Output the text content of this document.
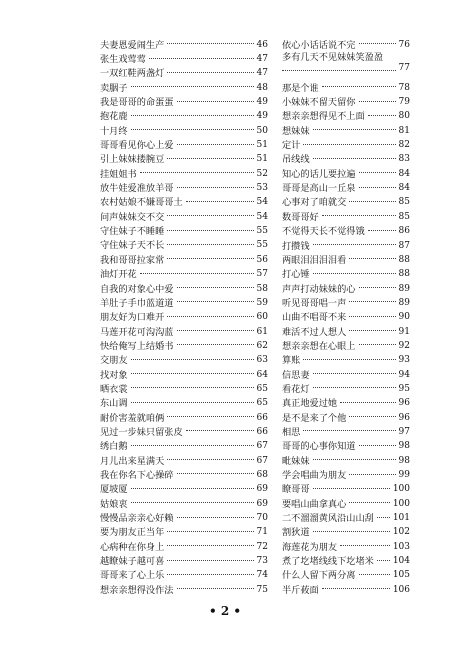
夫妻恩爱闹生产	46
张生戏莺莺	47
一双红鞋两盏灯	47
卖胭子	48
我是哥哥的命蛋蛋	49
抱花鹿	49
十月终	50
哥哥看见你心上爱	51
引上妹妹搂腕豆	51
挂姐姐书	52
放牛娃爱准放羊哥	53
农村姑娘不嫌哥哥土	54
问声妹妹交不交	54
守住妹子不睡睡	55
守住妹子天不长	55
我和哥哥拉家常	56
油灯开花	57
自我的对象心中爱	58
羊肚子手巾蓝道道	59
朋友好为口难开	60
马莲开花可沟沟蓝	61
快给俺写上结婚书	62
交朋友	63
找对象	64
晒衣裳	65
东山调	65
耐价害羞就咱俩	66
见过一步妹只留张皮	66
绣白鹅	67
月儿出来星满天	67
我在你名下心操碎	68
厦坡厦	69
姑娘衷	69
慢慢品亲亲心好赖	70
要为朋友正当年	71
心病种在你身上	72
越瞭妹子越可喜	73
哥哥来了心上乐	74
想亲亲想得没作法	75
依心小话话说不完	76
多有几天不见妹妹笑盈盈
77
那是个谁	78
小妹妹不留天留你	79
想亲亲想得见不上面	80
想妹妹	81
定计	82
吊线线	83
知心的话儿要拉遍	84
哥哥是高山一丘泉	84
心事对了咱就交	85
数哥哥好	85
不觉得天长不觉得饿	86
打攒钱	87
两眼泪泪泪泪看	88
打心锤	88
声声打动妹妹的心	89
听见哥哥唱一声	89
山曲不唱哥不来	90
难活不过人想人	91
想亲亲想在心眼上	92
算账	93
信思妻	94
看花灯	95
真正地爱过她	96
是不是来了个他	96
相思	97
哥哥的心事你知道	98
毗妹妹	98
学会唱曲为朋友	99
瞭哥哥	100
要唱山曲拿真心	100
二不溜溜黄风沿山山刮 101
割狄道	102
海莲花为朋友	103
煮了圪堵线线下圪堵米 104
什么人留下两分离	105
半斤莜面	106
• 2 •
